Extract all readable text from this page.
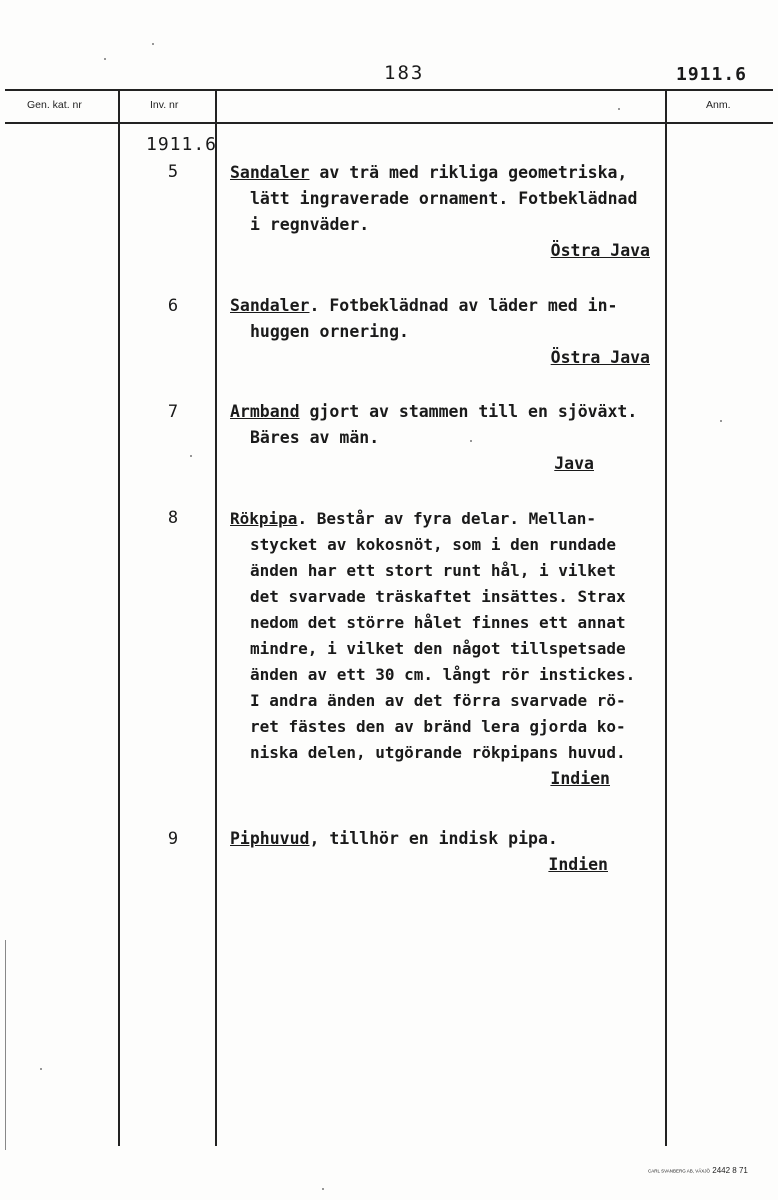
183	1911.6
Gen. kat. nr	Inv. nr	Anm.
1911.6
5	Sandaler av trä med rikliga geometriska,
lätt ingraverade ornament. Fotbeklädnad
i regnväder.
Östra Java
6	Sandaler. Fotbeklädnad av läder med in-
huggen ornering.
Östra Java
7	Armband gjort av stammen till en sjöväxt.
Bäres av män.
Java
8	Rökpipa. Består av fyra delar. Mellan-
stycket av kokosnöt, som i den rundade
änden har ett stort runt hål, i vilket
det svarvade träskaftet insättes. Strax
nedom det större hålet finnes ett annat
mindre, i vilket den något tillspetsade
änden av ett 30 cm. långt rör instickes.
I andra änden av det förra svarvade rö-
ret fästes den av bränd lera gjorda ko-
niska delen, utgörande rökpipans huvud.
Indien
9	Piphuvud, tillhör en indisk pipa.
Indien
CARL SVANBERG AB, VÄXJÖ 2442 8 71
